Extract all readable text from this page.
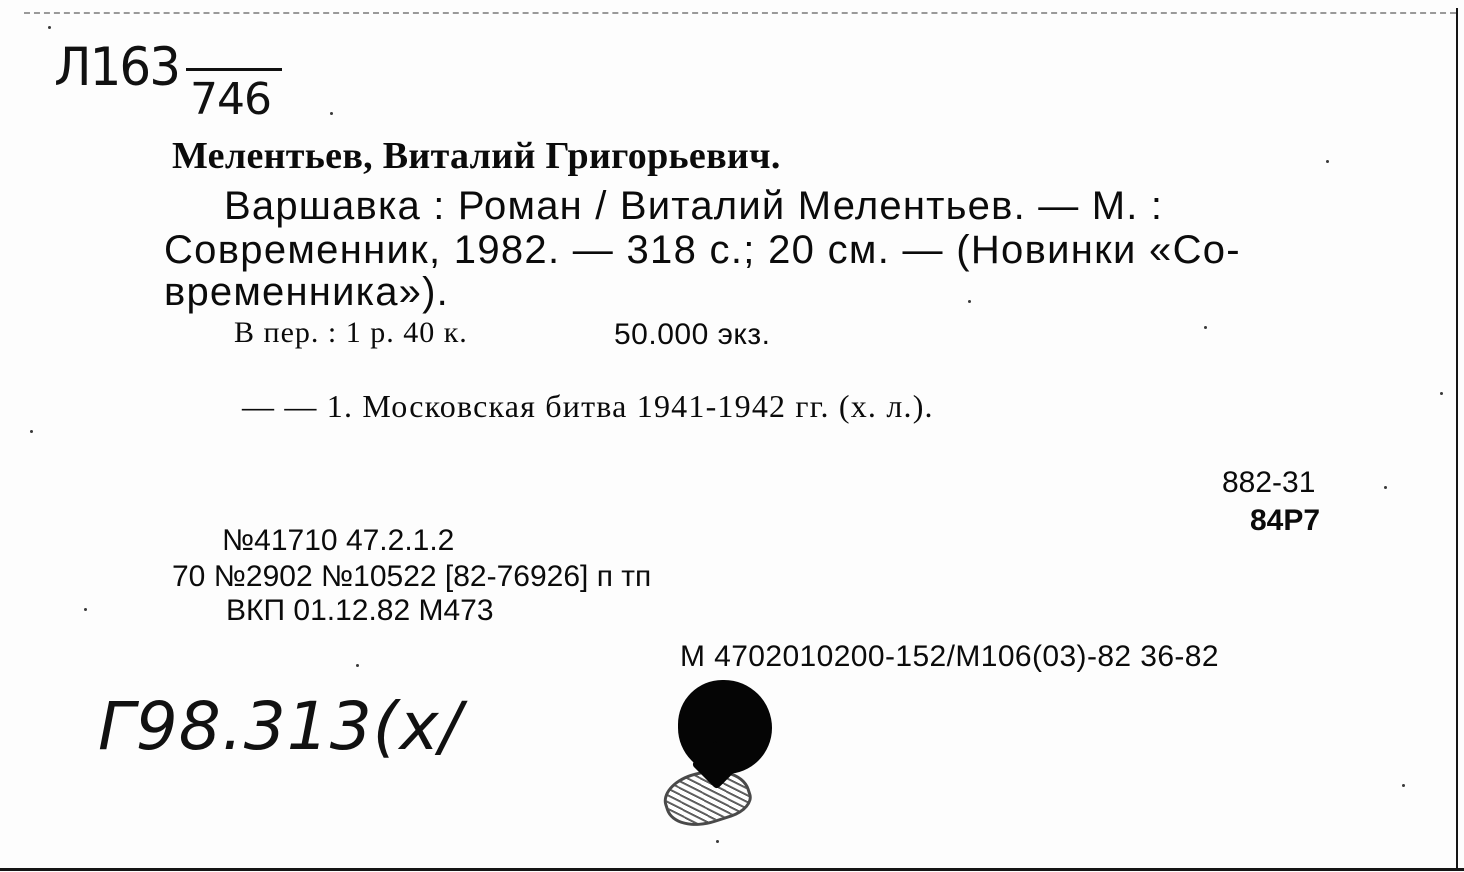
Л163
746
Мелентьев, Виталий Григорьевич.
Варшавка : Роман / Виталий Мелентьев. — М. :
Современник, 1982. — 318 с.; 20 см. — (Новинки «Со-
временника»).
В пер. : 1 р. 40 к.	50.000 экз.
— — 1. Московская битва 1941-1942 гг. (х. л.).
882-31
84Р7
№41710 47.2.1.2
70 №2902 №10522 [82-76926] п тп
ВКП 01.12.82 М473
М 4702010200-152/М106(03)-82 36-82
Г98.313(х/
